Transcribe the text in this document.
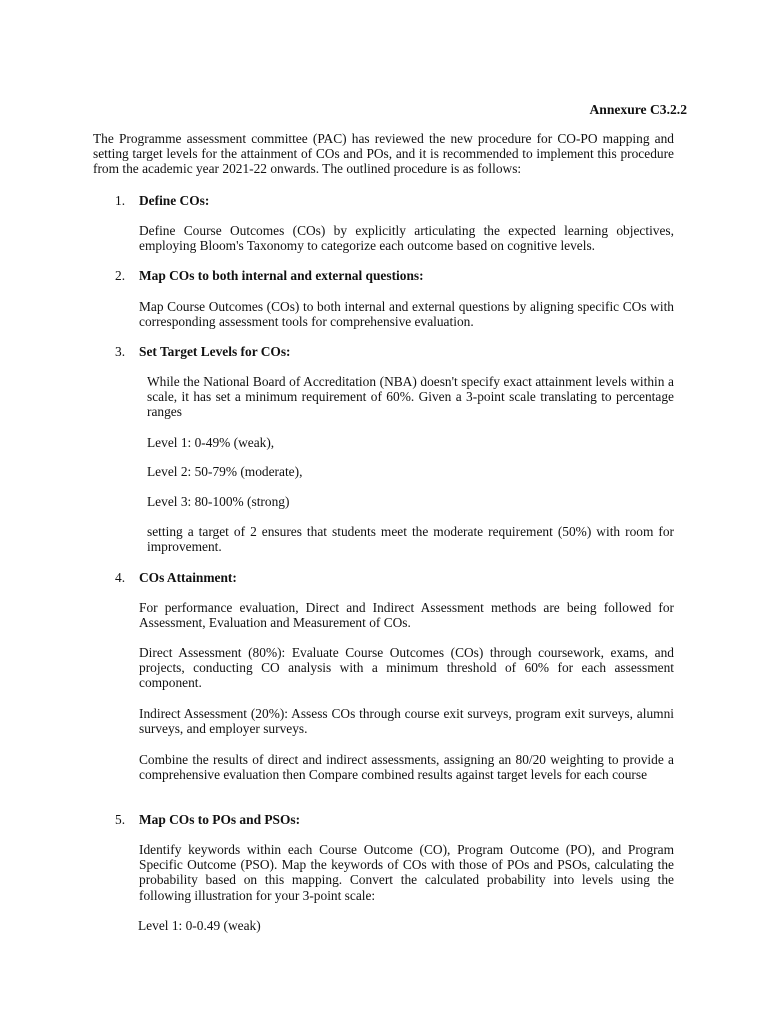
Annexure C3.2.2
The Programme assessment committee (PAC) has reviewed the new procedure for CO-PO mapping and setting target levels for the attainment of COs and POs, and it is recommended to implement this procedure from the academic year 2021-22 onwards. The outlined procedure is as follows:
1. Define COs:
Define Course Outcomes (COs) by explicitly articulating the expected learning objectives, employing Bloom's Taxonomy to categorize each outcome based on cognitive levels.
2. Map COs to both internal and external questions:
Map Course Outcomes (COs) to both internal and external questions by aligning specific COs with corresponding assessment tools for comprehensive evaluation.
3. Set Target Levels for COs:
While the National Board of Accreditation (NBA) doesn't specify exact attainment levels within a scale, it has set a minimum requirement of 60%. Given a 3-point scale translating to percentage ranges
Level 1: 0-49% (weak),
Level 2: 50-79% (moderate),
Level 3: 80-100% (strong)
setting a target of 2 ensures that students meet the moderate requirement (50%) with room for improvement.
4. COs Attainment:
For performance evaluation, Direct and Indirect Assessment methods are being followed for Assessment, Evaluation and Measurement of COs.
Direct Assessment (80%): Evaluate Course Outcomes (COs) through coursework, exams, and projects, conducting CO analysis with a minimum threshold of 60% for each assessment component.
Indirect Assessment (20%): Assess COs through course exit surveys, program exit surveys, alumni surveys, and employer surveys.
Combine the results of direct and indirect assessments, assigning an 80/20 weighting to provide a comprehensive evaluation then Compare combined results against target levels for each course
5. Map COs to POs and PSOs:
Identify keywords within each Course Outcome (CO), Program Outcome (PO), and Program Specific Outcome (PSO). Map the keywords of COs with those of POs and PSOs, calculating the probability based on this mapping. Convert the calculated probability into levels using the following illustration for your 3-point scale:
Level 1: 0-0.49 (weak)
